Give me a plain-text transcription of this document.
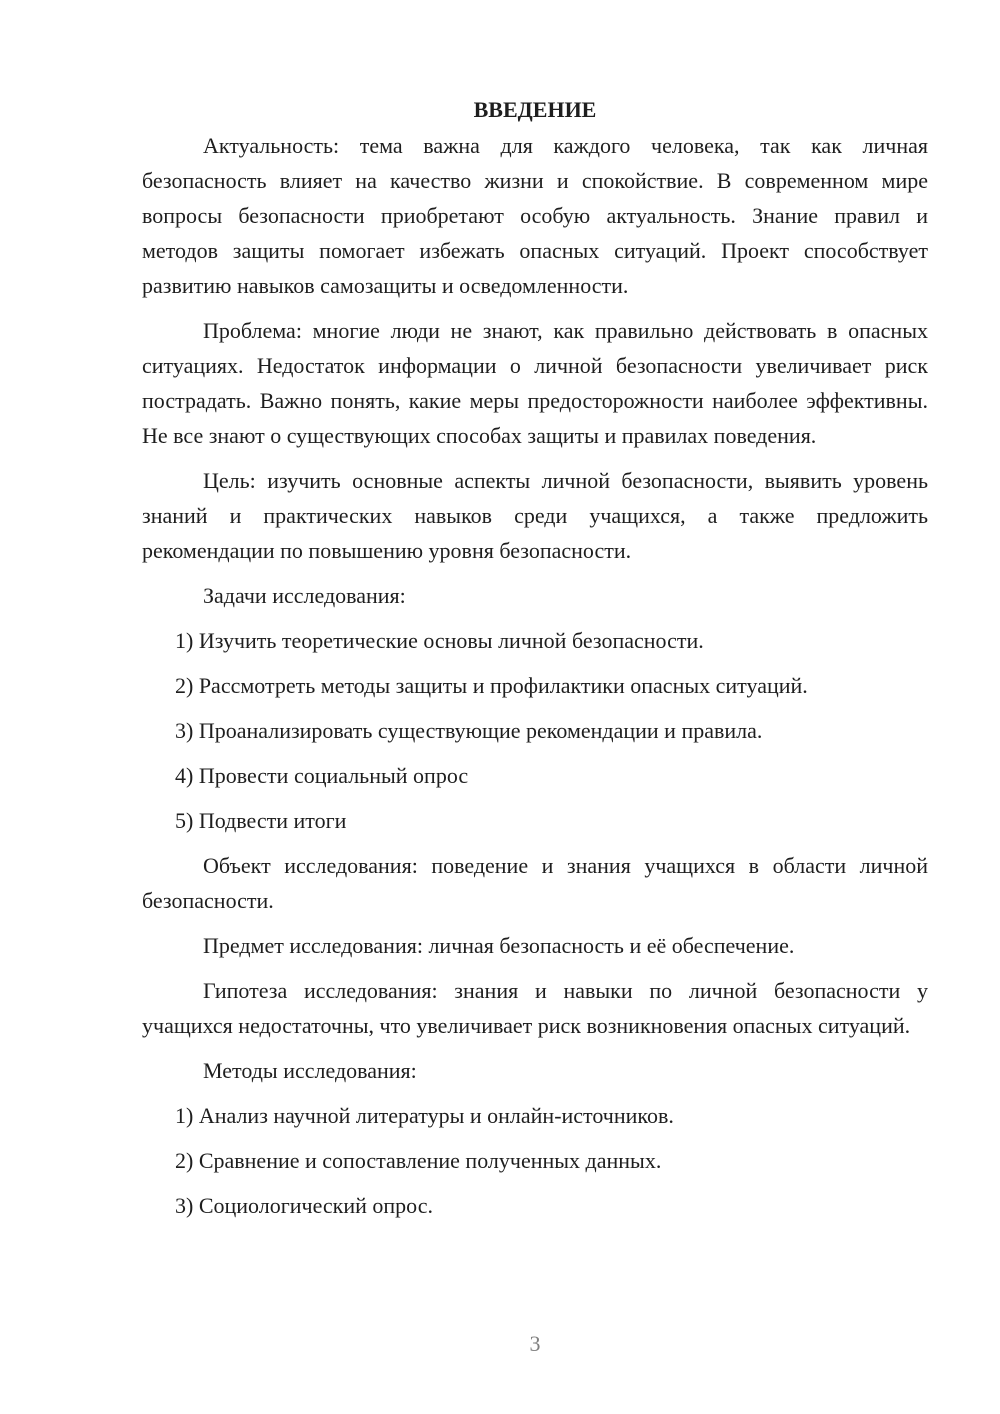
ВВЕДЕНИЕ

Актуальность: тема важна для каждого человека, так как личная безопасность влияет на качество жизни и спокойствие. В современном мире вопросы безопасности приобретают особую актуальность. Знание правил и методов защиты помогает избежать опасных ситуаций. Проект способствует развитию навыков самозащиты и осведомленности.

Проблема: многие люди не знают, как правильно действовать в опасных ситуациях. Недостаток информации о личной безопасности увеличивает риск пострадать. Важно понять, какие меры предосторожности наиболее эффективны. Не все знают о существующих способах защиты и правилах поведения.

Цель: изучить основные аспекты личной безопасности, выявить уровень знаний и практических навыков среди учащихся, а также предложить рекомендации по повышению уровня безопасности.

Задачи исследования:

1) Изучить теоретические основы личной безопасности.

2) Рассмотреть методы защиты и профилактики опасных ситуаций.

3) Проанализировать существующие рекомендации и правила.

4) Провести социальный опрос

5) Подвести итоги

Объект исследования: поведение и знания учащихся в области личной безопасности.

Предмет исследования: личная безопасность и её обеспечение.

Гипотеза исследования: знания и навыки по личной безопасности у учащихся недостаточны, что увеличивает риск возникновения опасных ситуаций.

Методы исследования:

1) Анализ научной литературы и онлайн-источников.

2) Сравнение и сопоставление полученных данных.

3) Социологический опрос.

3
